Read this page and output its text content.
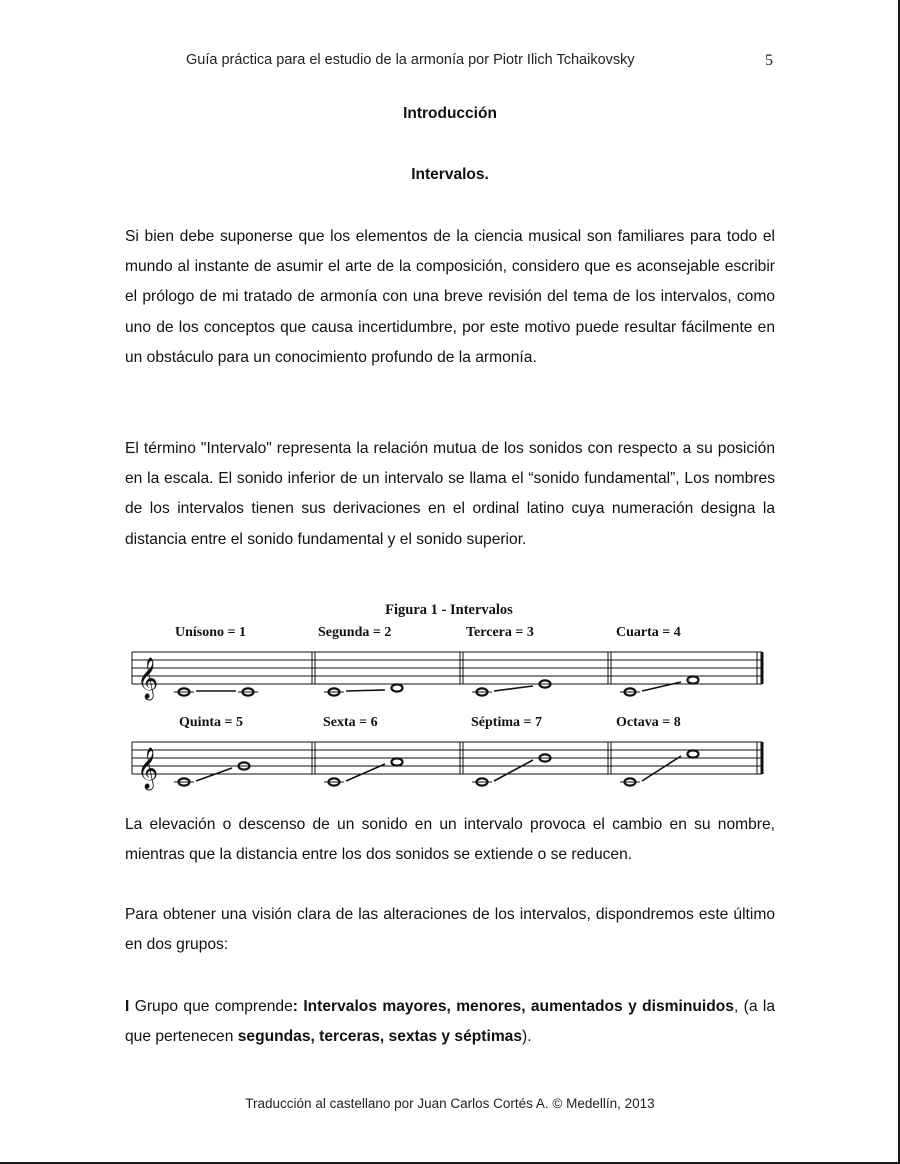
Guía práctica para el estudio de la armonía por Piotr Ilich Tchaikovsky	5
Introducción
Intervalos.

Si bien debe suponerse que los elementos de la ciencia musical son familiares para todo el mundo al instante de asumir el arte de la composición, considero que es aconsejable escribir el prólogo de mi tratado de armonía con una breve revisión del tema de los intervalos, como uno de los conceptos que causa incertidumbre, por este motivo puede resultar fácilmente en un obstáculo para un conocimiento profundo de la armonía.

El término "Intervalo" representa la relación mutua de los sonidos con respecto a su posición en la escala. El sonido inferior de un intervalo se llama el “sonido fundamental”, Los nombres de los intervalos tienen sus derivaciones en el ordinal latino cuya numeración designa la distancia entre el sonido fundamental y el sonido superior.

Figura 1 - Intervalos
𝄞
Unísono = 1	Segunda = 2	Tercera = 3	Cuarta = 4
𝄞
Quinta = 5	Sexta = 6	Séptima = 7	Octava = 8

La elevación o descenso de un sonido en un intervalo provoca el cambio en su nombre, mientras que la distancia entre los dos sonidos se extiende o se reducen.

Para obtener una visión clara de las alteraciones de los intervalos, dispondremos este último en dos grupos:

I Grupo que comprende: Intervalos mayores, menores, aumentados y disminuidos, (a la que pertenecen segundas, terceras, sextas y séptimas).

Traducción al castellano por Juan Carlos Cortés A. © Medellín, 2013
